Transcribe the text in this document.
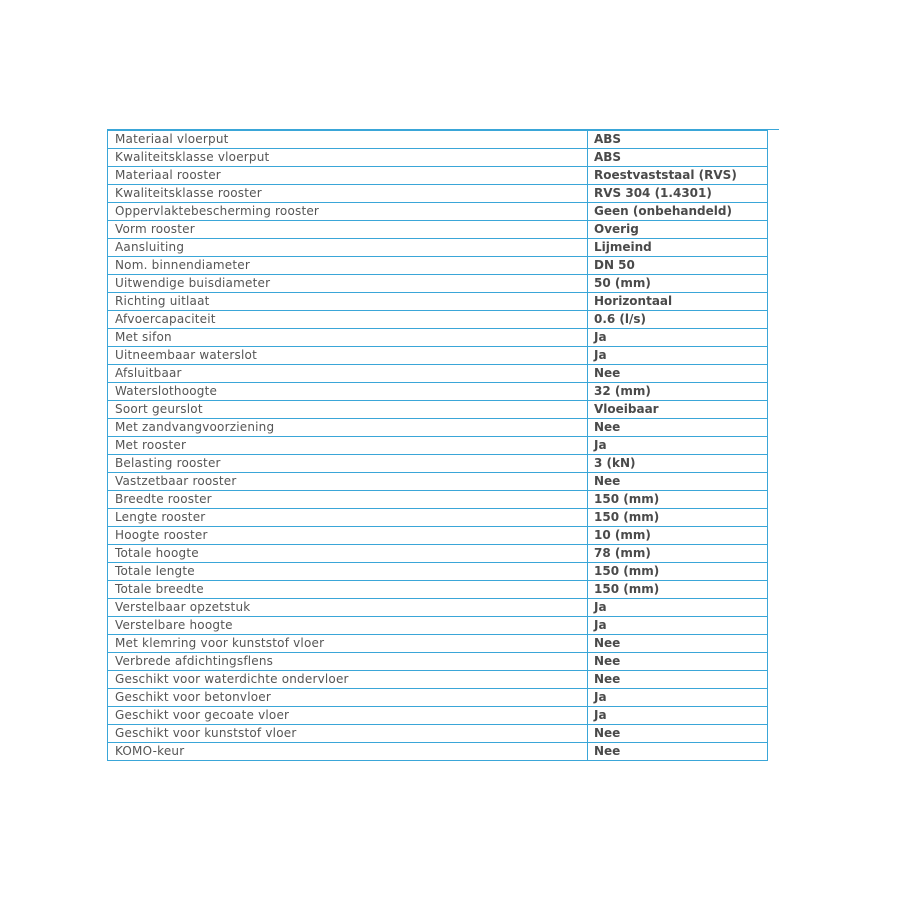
Materiaal vloerput	ABS
Kwaliteitsklasse vloerput	ABS
Materiaal rooster	Roestvaststaal (RVS)
Kwaliteitsklasse rooster	RVS 304 (1.4301)
Oppervlaktebescherming rooster	Geen (onbehandeld)
Vorm rooster	Overig
Aansluiting	Lijmeind
Nom. binnendiameter	DN 50
Uitwendige buisdiameter	50 (mm)
Richting uitlaat	Horizontaal
Afvoercapaciteit	0.6 (l/s)
Met sifon	Ja
Uitneembaar waterslot	Ja
Afsluitbaar	Nee
Waterslothoogte	32 (mm)
Soort geurslot	Vloeibaar
Met zandvangvoorziening	Nee
Met rooster	Ja
Belasting rooster	3 (kN)
Vastzetbaar rooster	Nee
Breedte rooster	150 (mm)
Lengte rooster	150 (mm)
Hoogte rooster	10 (mm)
Totale hoogte	78 (mm)
Totale lengte	150 (mm)
Totale breedte	150 (mm)
Verstelbaar opzetstuk	Ja
Verstelbare hoogte	Ja
Met klemring voor kunststof vloer	Nee
Verbrede afdichtingsflens	Nee
Geschikt voor waterdichte ondervloer	Nee
Geschikt voor betonvloer	Ja
Geschikt voor gecoate vloer	Ja
Geschikt voor kunststof vloer	Nee
KOMO-keur	Nee
